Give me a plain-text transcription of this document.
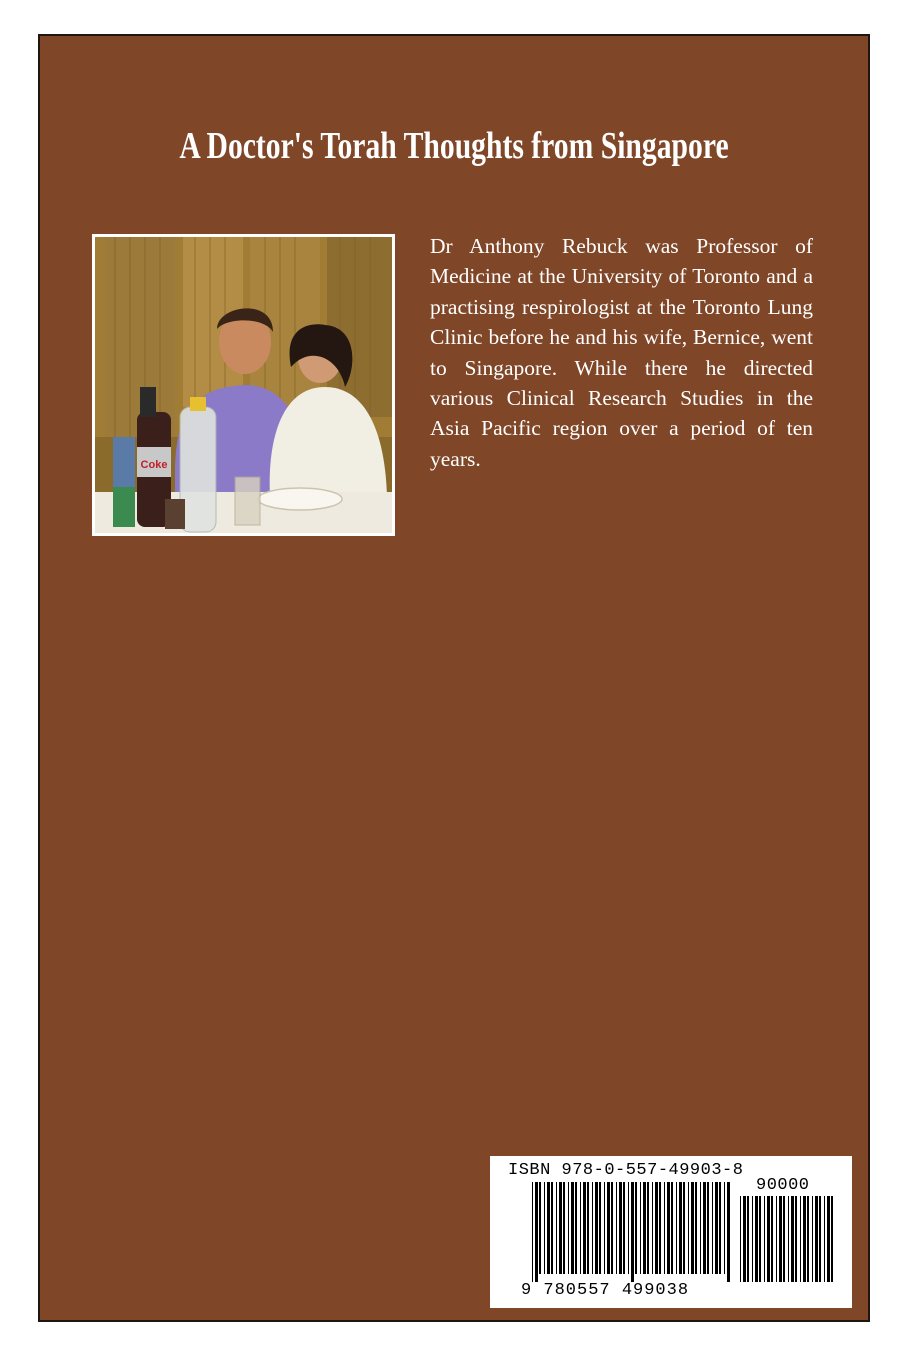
A Doctor's Torah Thoughts from Singapore
Coke

Dr Anthony Rebuck was Professor of Medicine at the University of Toronto and a practising respirologist at the Toronto Lung Clinic before he and his wife, Bernice, went to Singapore. While there he directed various Clinical Research Studies in the Asia Pacific region over a period of ten years.

ISBN 978-0-557-49903-8
90000
9 780557 499038
